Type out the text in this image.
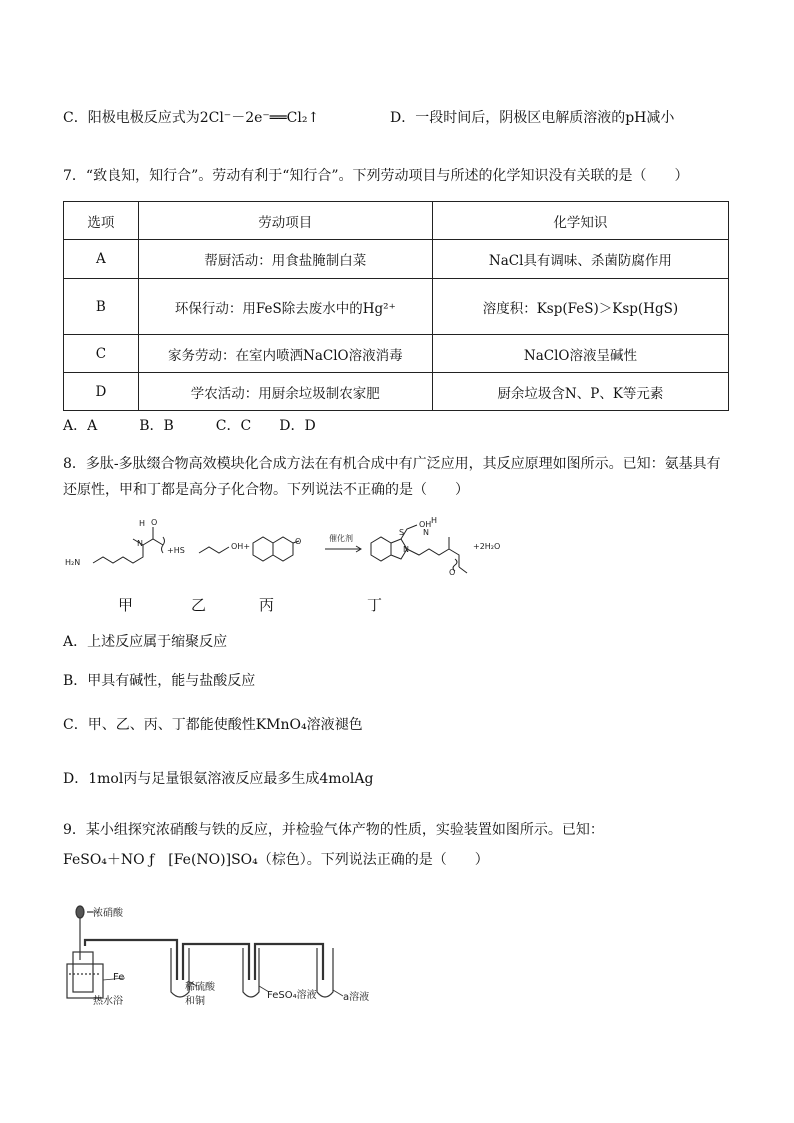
C．阳极电极反应式为2Cl⁻－2e⁻══Cl₂↑	D．一段时间后，阴极区电解质溶液的pH减小
7．“致良知，知行合”。劳动有利于“知行合”。下列劳动项目与所述的化学知识没有关联的是（　　）
选项	劳动项目	化学知识
A	帮厨活动：用食盐腌制白菜	NaCl具有调味、杀菌防腐作用
B	环保行动：用FeS除去废水中的Hg²⁺	溶度积：Ksp(FeS)＞Ksp(HgS)
C	家务劳动：在室内喷洒NaClO溶液消毒	NaClO溶液呈碱性
D	学农活动：用厨余垃圾制农家肥	厨余垃圾含N、P、K等元素
A．A　　　B．B　　　C．C　　D．D
8．多肽-多肽缀合物高效模块化合成方法在有机合成中有广泛应用，其反应原理如图所示。已知：氨基具有
还原性，甲和丁都是高分子化合物。下列说法不正确的是（　　）
H₂N
H
N
O
+HS	OH+
O	催化剂
S
OH
N
H
N
O
+2H₂O
甲	乙	丙	丁
A．上述反应属于缩聚反应
B．甲具有碱性，能与盐酸反应
C．甲、乙、丙、丁都能使酸性KMnO₄溶液褪色
D．1mol丙与足量银氨溶液反应最多生成4molAg
9．某小组探究浓硝酸与铁的反应，并检验气体产物的性质，实验装置如图所示。已知：
FeSO₄＋NO ƒ　[Fe(NO)]SO₄（棕色）。下列说法正确的是（　　）
浓硝酸
Fe
热水浴
稀硫酸
和铜
FeSO₄溶液	a溶液
